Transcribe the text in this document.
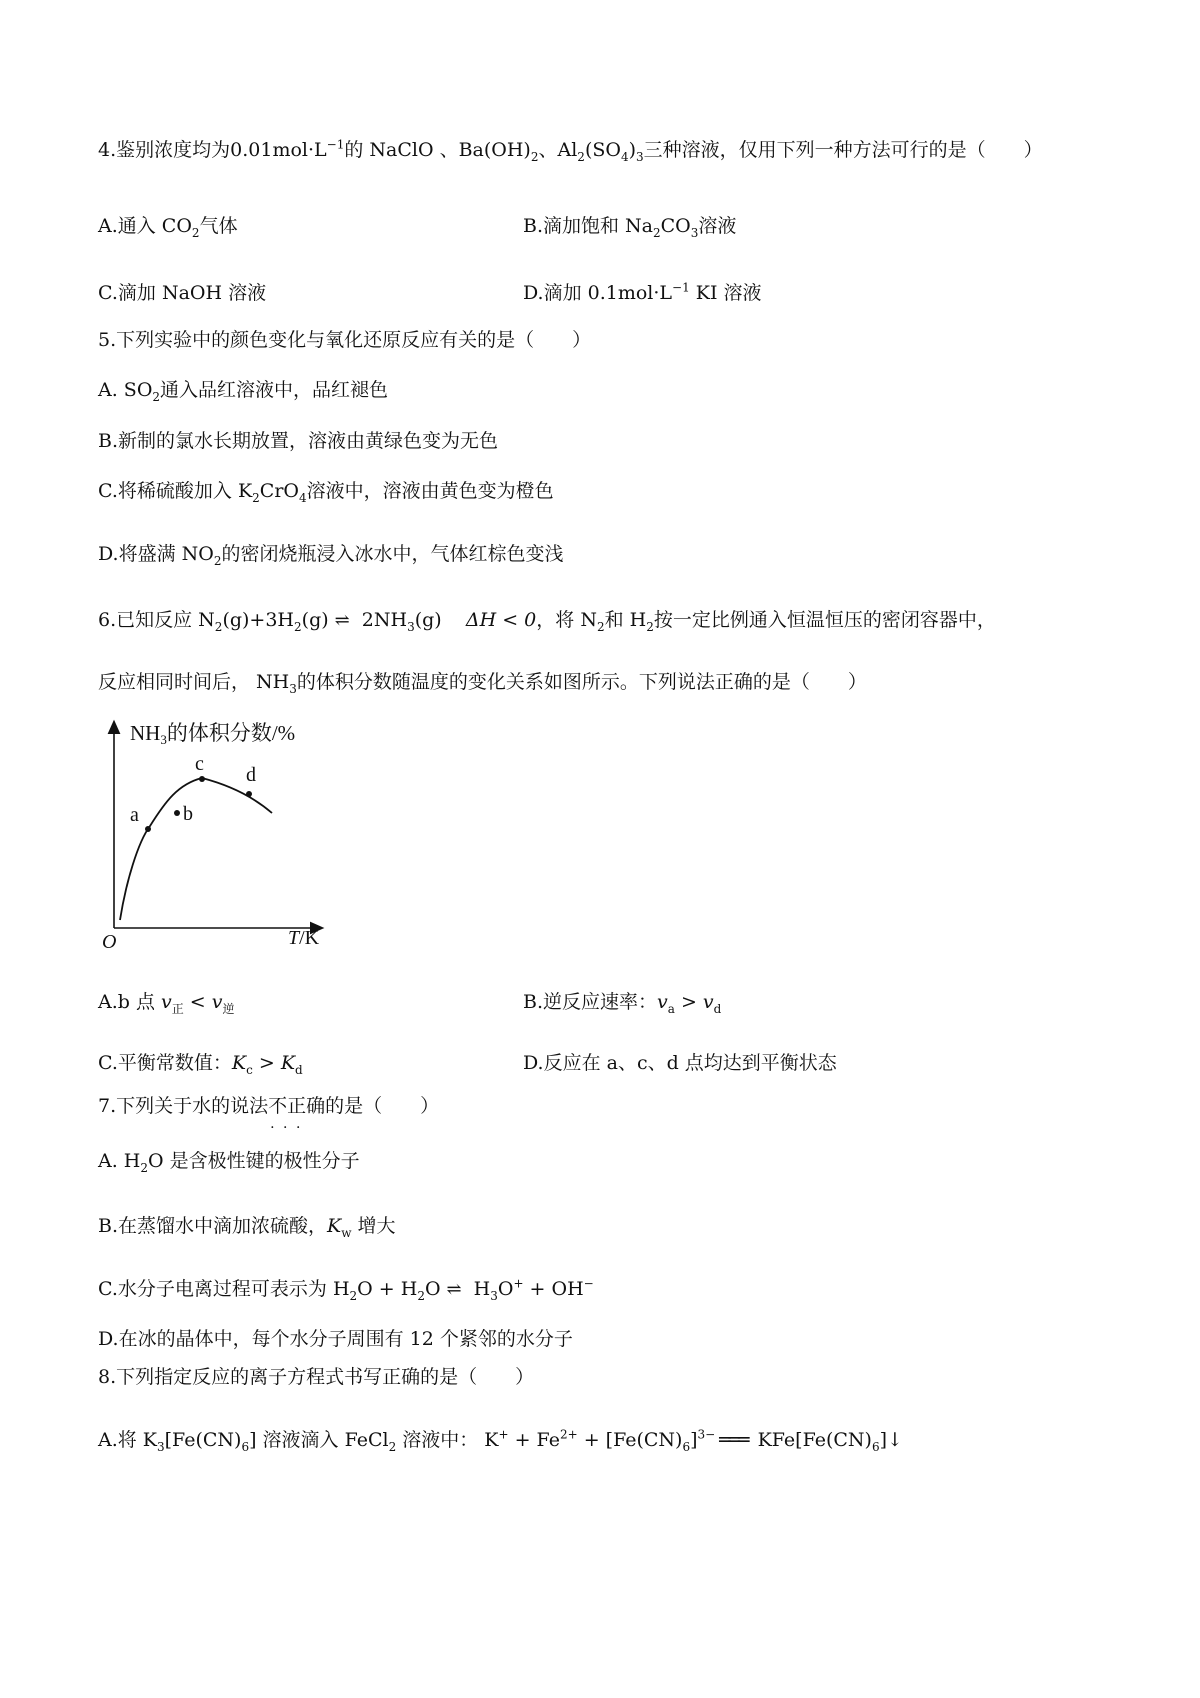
4.鉴别浓度均为$0.01mol\cdot L^{-1}$的 NaClO 、$Ba(OH)_2$、$Al_2(SO_4)_3$三种溶液，仅用下列一种方法可行的是（　　）
A.通入 $CO_2$气体	B.滴加饱和 $Na_2CO_3$溶液
C.滴加 NaOH 溶液	D.滴加 $0.1mol\cdot L^{-1}$ KI 溶液
5.下列实验中的颜色变化与氧化还原反应有关的是（　　）
A. $SO_2$通入品红溶液中，品红褪色
B.新制的氯水长期放置，溶液由黄绿色变为无色
C.将稀硫酸加入 $K_2CrO_4$溶液中，溶液由黄色变为橙色
D.将盛满 $NO_2$的密闭烧瓶浸入冰水中，气体红棕色变浅
6.已知反应 $N_2(g)+3H_2(g)$ ⇌ $2NH_3(g) \Delta H < 0$，将 $N_2$和 $H_2$按一定比例通入恒温恒压的密闭容器中，
反应相同时间后， $NH_3$的体积分数随温度的变化关系如图所示。下列说法正确的是（　　）
NH3的体积分数/%
T/K
O
a b
c d
A.b 点 $v_正 < v_逆$	B.逆反应速率：$v_a > v_d$
C.平衡常数值：$K_c > K_d$	D.反应在 a、c、d 点均达到平衡状态
7.下列关于水的说法不正确 · · ·的是（　　）
A. $H_2O$ 是含极性键的极性分子
B.在蒸馏水中滴加浓硫酸，$K_w$ 增大
C.水分子电离过程可表示为 $H_2O + H_2O$ ⇌ $H_3O^+ + OH^-$
D.在冰的晶体中，每个水分子周围有 12 个紧邻的水分子
8.下列指定反应的离子方程式书写正确的是（　　）
A.将 $K_3[Fe(CN)_6]$ 溶液滴入 FeCl$_2$ 溶液中： $K^+ + Fe^{2+} + [Fe(CN)_6]^{3-}$ ═══ $KFe[Fe(CN)_6]↓$
